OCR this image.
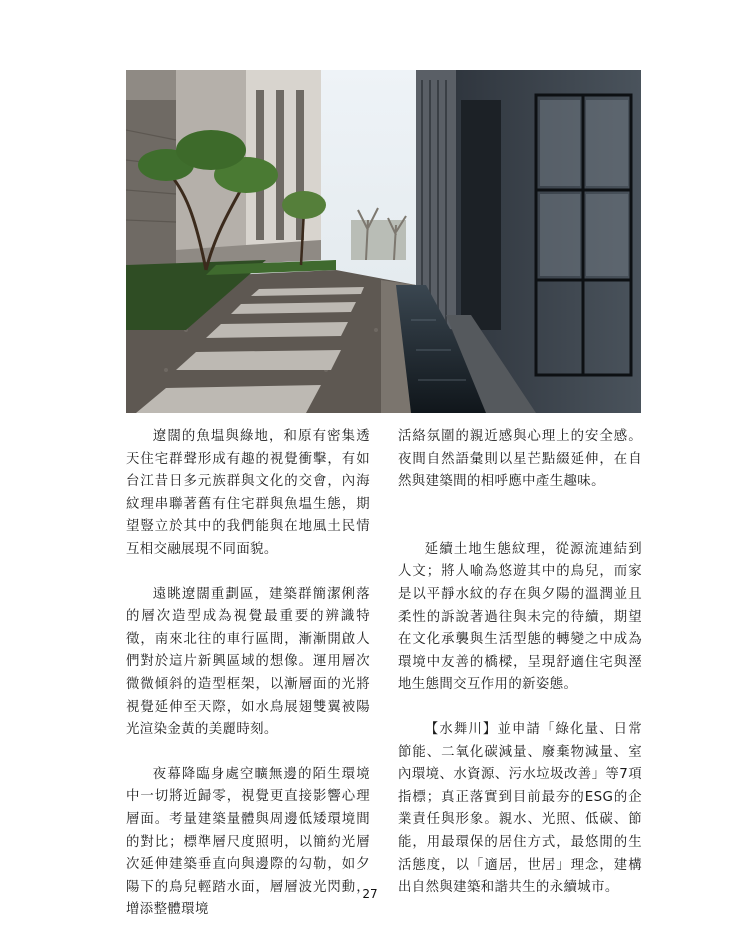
遼闊的魚塭與綠地，和原有密集透天住宅群聲形成有趣的視覺衝擊，有如台江昔日多元族群與文化的交會，內海紋理串聯著舊有住宅群與魚塭生態，期望豎立於其中的我們能與在地風土民情互相交融展現不同面貌。

遠眺遼闊重劃區，建築群簡潔俐落的層次造型成為視覺最重要的辨識特徵，南來北往的車行區間，漸漸開啟人們對於這片新興區域的想像。運用層次微微傾斜的造型框架，以漸層面的光將視覺延伸至天際，如水鳥展翅雙翼被陽光渲染金黃的美麗時刻。

夜幕降臨身處空曠無邊的陌生環境中一切將近歸零，視覺更直接影響心理層面。考量建築量體與周邊低矮環境間的對比；標準層尺度照明，以簡約光層次延伸建築垂直向與邊際的勾勒，如夕陽下的鳥兒輕踏水面，層層波光閃動，增添整體環境

活絡氛圍的親近感與心理上的安全感。夜間自然語彙則以星芒點綴延伸，在自然與建築間的相呼應中產生趣味。

延續土地生態紋理，從源流連結到人文；將人喻為悠遊其中的鳥兒，而家是以平靜水紋的存在與夕陽的溫潤並且柔性的訴說著過往與未完的待續，期望在文化承襲與生活型態的轉變之中成為環境中友善的橋樑，呈現舒適住宅與溼地生態間交互作用的新姿態。

【水舞川】並申請「綠化量、日常節能、二氧化碳減量、廢棄物減量、室內環境、水資源、污水垃圾改善」等7項指標；真正落實到目前最夯的ESG的企業責任與形象。親水、光照、低碳、節能，用最環保的居住方式，最悠閒的生活態度，以「適居，世居」理念，建構出自然與建築和諧共生的永續城市。

27
